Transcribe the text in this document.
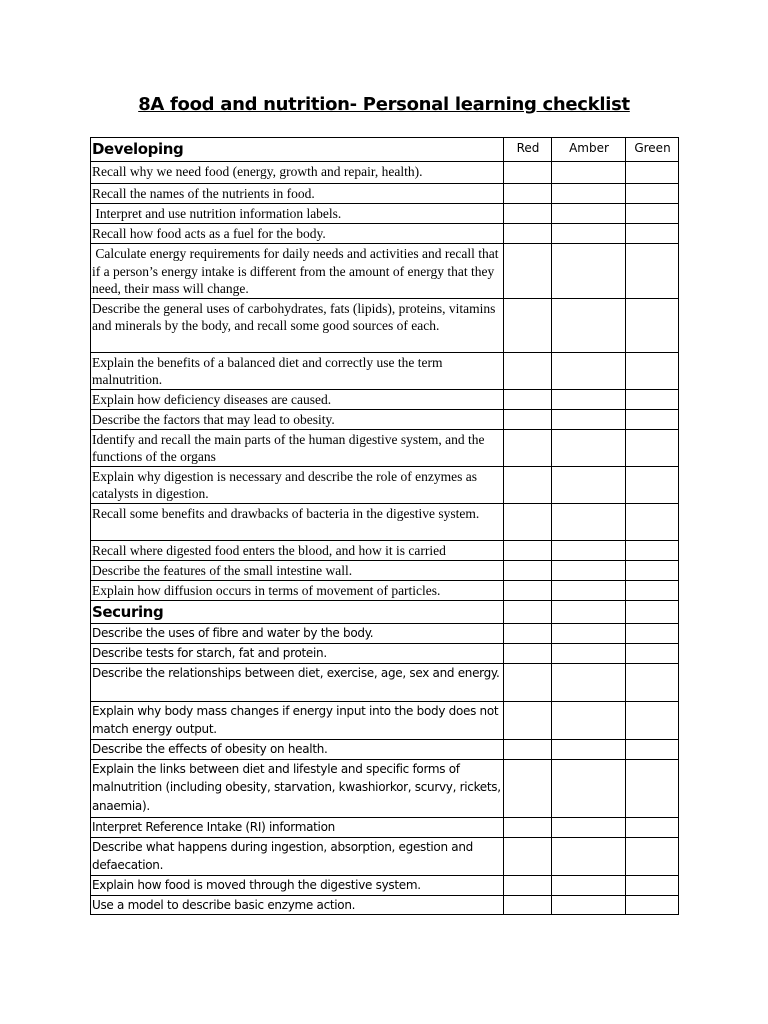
8A food and nutrition- Personal learning checklist
Developing	Red	Amber	Green
Recall why we need food (energy, growth and repair, health).			
Recall the names of the nutrients in food.			
Interpret and use nutrition information labels.			
Recall how food acts as a fuel for the body.			
Calculate energy requirements for daily needs and activities and recall that if a person’s energy intake is different from the amount of energy that they need, their mass will change.			
Describe the general uses of carbohydrates, fats (lipids), proteins, vitamins and minerals by the body, and recall some good sources of each.			
Explain the benefits of a balanced diet and correctly use the term malnutrition.			
Explain how deficiency diseases are caused.			
Describe the factors that may lead to obesity.			
Identify and recall the main parts of the human digestive system, and the functions of the organs			
Explain why digestion is necessary and describe the role of enzymes as catalysts in digestion.			
Recall some benefits and drawbacks of bacteria in the digestive system.			
Recall where digested food enters the blood, and how it is carried			
Describe the features of the small intestine wall.			
Explain how diffusion occurs in terms of movement of particles.			
Securing			
Describe the uses of fibre and water by the body.			
Describe tests for starch, fat and protein.			
Describe the relationships between diet, exercise, age, sex and energy.			
Explain why body mass changes if energy input into the body does not match energy output.			
Describe the effects of obesity on health.			
Explain the links between diet and lifestyle and specific forms of malnutrition (including obesity, starvation, kwashiorkor, scurvy, rickets, anaemia).			
Interpret Reference Intake (RI) information			
Describe what happens during ingestion, absorption, egestion and defaecation.			
Explain how food is moved through the digestive system.			
Use a model to describe basic enzyme action.			
